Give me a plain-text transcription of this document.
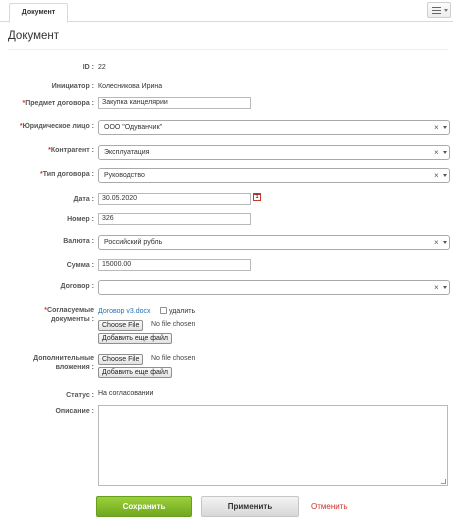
Документ
Документ
ID : 22
Инициатор : Колесникова Ирина
*Предмет договора :	Закупка канцелярии
*Юридическое лицо :	ООО "Одуванчик"	×
*Контрагент :	Эксплуатация	×
*Тип договора :	Руководство	×
Дата :	30.05.2020	1
Номер :	326
Валюта :	Российский рубль	×
Сумма :	15000.00
Договор :	×
*Согласуемые
документы :
Договор v3.docx	удалить
Choose File	No file chosen
Добавить еще файл
Дополнительные
вложения :
Choose File	No file chosen
Добавить еще файл
Статус : На согласовании
Описание :
Сохранить	Применить	Отменить
